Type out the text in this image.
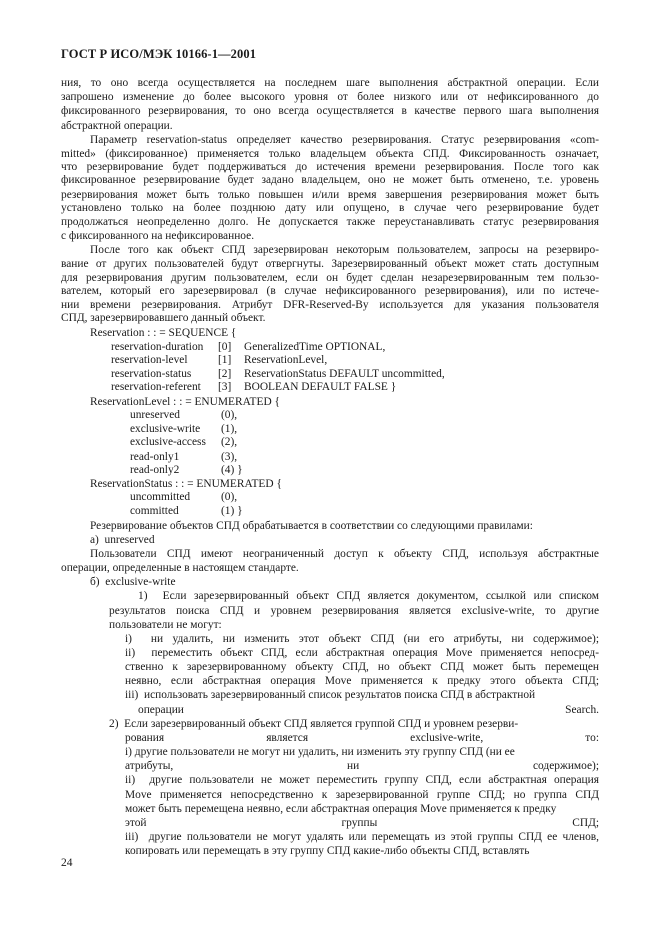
ГОСТ Р ИСО/МЭК 10166-1—2001
ния, то оно всегда осуществляется на последнем шаге выполнения абстрактной операции. Если
запрошено изменение до более высокого уровня от более низкого или от нефиксированного до
фиксированного резервирования, то оно всегда осуществляется в качестве первого шага выполнения
абстрактной операции.
Параметр reservation-status определяет качество резервирования. Статус резервирования «com-
mitted» (фиксированное) применяется только владельцем объекта СПД. Фиксированность означает,
что резервирование будет поддерживаться до истечения времени резервирования. После того как
фиксированное резервирование будет задано владельцем, оно не может быть отменено, т.е. уровень
резервирования может быть только повышен и/или время завершения резервирования может быть
установлено только на более позднюю дату или опущено, в случае чего резервирование будет
продолжаться неопределенно долго. Не допускается также переустанавливать статус резервирования
с фиксированного на нефиксированное.
После того как объект СПД зарезервирован некоторым пользователем, запросы на резервиро-
вание от других пользователей будут отвергнуты. Зарезервированный объект может стать доступным
для резервирования другим пользователем, если он будет сделан незарезервированным тем пользо-
вателем, который его зарезервировал (в случае нефиксированного резервирования), или по истече-
нии времени резервирования. Атрибут DFR-Reserved-By используется для указания пользователя
СПД, зарезервировавшего данный объект.
Reservation : : = SEQUENCE {
reservation-duration [0] GeneralizedTime OPTIONAL,
reservation-level	[1] ReservationLevel,
reservation-status [2] ReservationStatus DEFAULT uncommitted,
reservation-referent [3] BOOLEAN DEFAULT FALSE }
ReservationLevel : : = ENUMERATED {
unreserved	(0),
exclusive-write (1),
exclusive-access (2),
read-only1	(3),
read-only2	(4) }
ReservationStatus : : = ENUMERATED {
uncommitted	(0),
committed	(1) }
Резервирование объектов СПД обрабатывается в соответствии со следующими правилами:
а)  unreserved
Пользователи СПД имеют неограниченный доступ к объекту СПД, используя абстрактные
операции, определенные в настоящем стандарте.
б)  exclusive-write
1)  Если зарезервированный объект СПД является документом, ссылкой или списком
результатов поиска СПД и уровнем резервирования является exclusive-write, то другие
пользователи не могут:
i)  ни удалить, ни изменить этот объект СПД (ни его атрибуты, ни содержимое);
ii)  переместить объект СПД, если абстрактная операция Move применяется непосред-
ственно к зарезервированному объекту СПД, но объект СПД может быть перемещен
неявно, если абстрактная операция Move применяется к предку этого объекта СПД;
iii)  использовать зарезервированный список результатов поиска СПД в абстрактной
операции Search.
2)  Если зарезервированный объект СПД является группой СПД и уровнем резерви-
рования является exclusive-write, то:
i) другие пользователи не могут ни удалить, ни изменить эту группу СПД (ни ее
атрибуты, ни содержимое);
ii)  другие пользователи не может переместить группу СПД, если абстрактная операция
Move применяется непосредственно к зарезервированной группе СПД; но группа СПД
может быть перемещена неявно, если абстрактная операция Move применяется к предку
этой группы СПД;
iii)  другие пользователи не могут удалять или перемещать из этой группы СПД ее членов,
копировать или перемещать в эту группу СПД какие-либо объекты СПД, вставлять
24
